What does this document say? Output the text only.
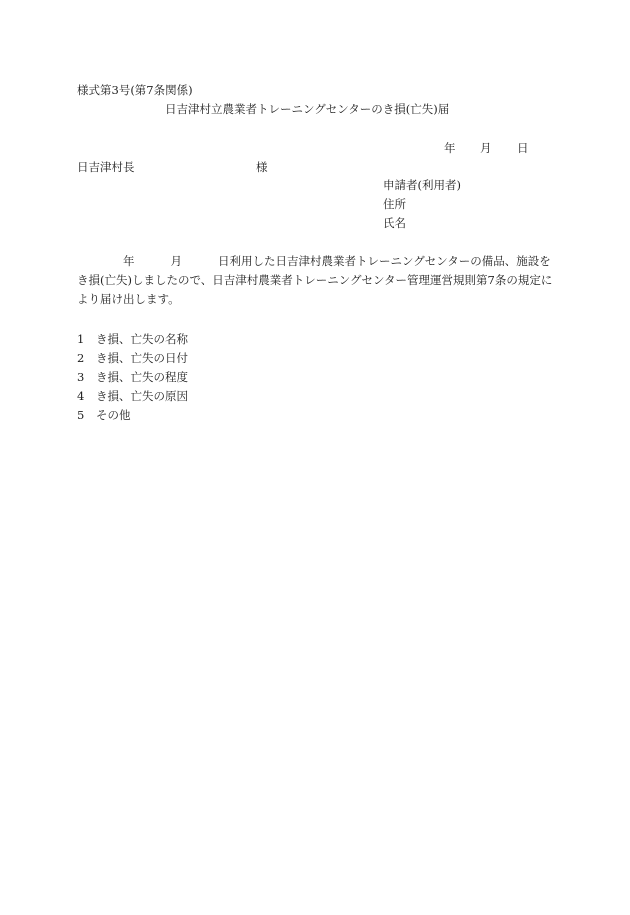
様式第3号(第7条関係)
日吉津村立農業者トレーニングセンターのき損(亡失)届
年 月 日
日吉津村長	様
申請者(利用者)
住所
氏名
年	月	日利用した日吉津村農業者トレーニングセンターの備品、施設をき損(亡失)しましたので、日吉津村農業者トレーニングセンター管理運営規則第7条の規定により届け出します。
1 き損、亡失の名称
2 き損、亡失の日付
3 き損、亡失の程度
4 き損、亡失の原因
5 その他
